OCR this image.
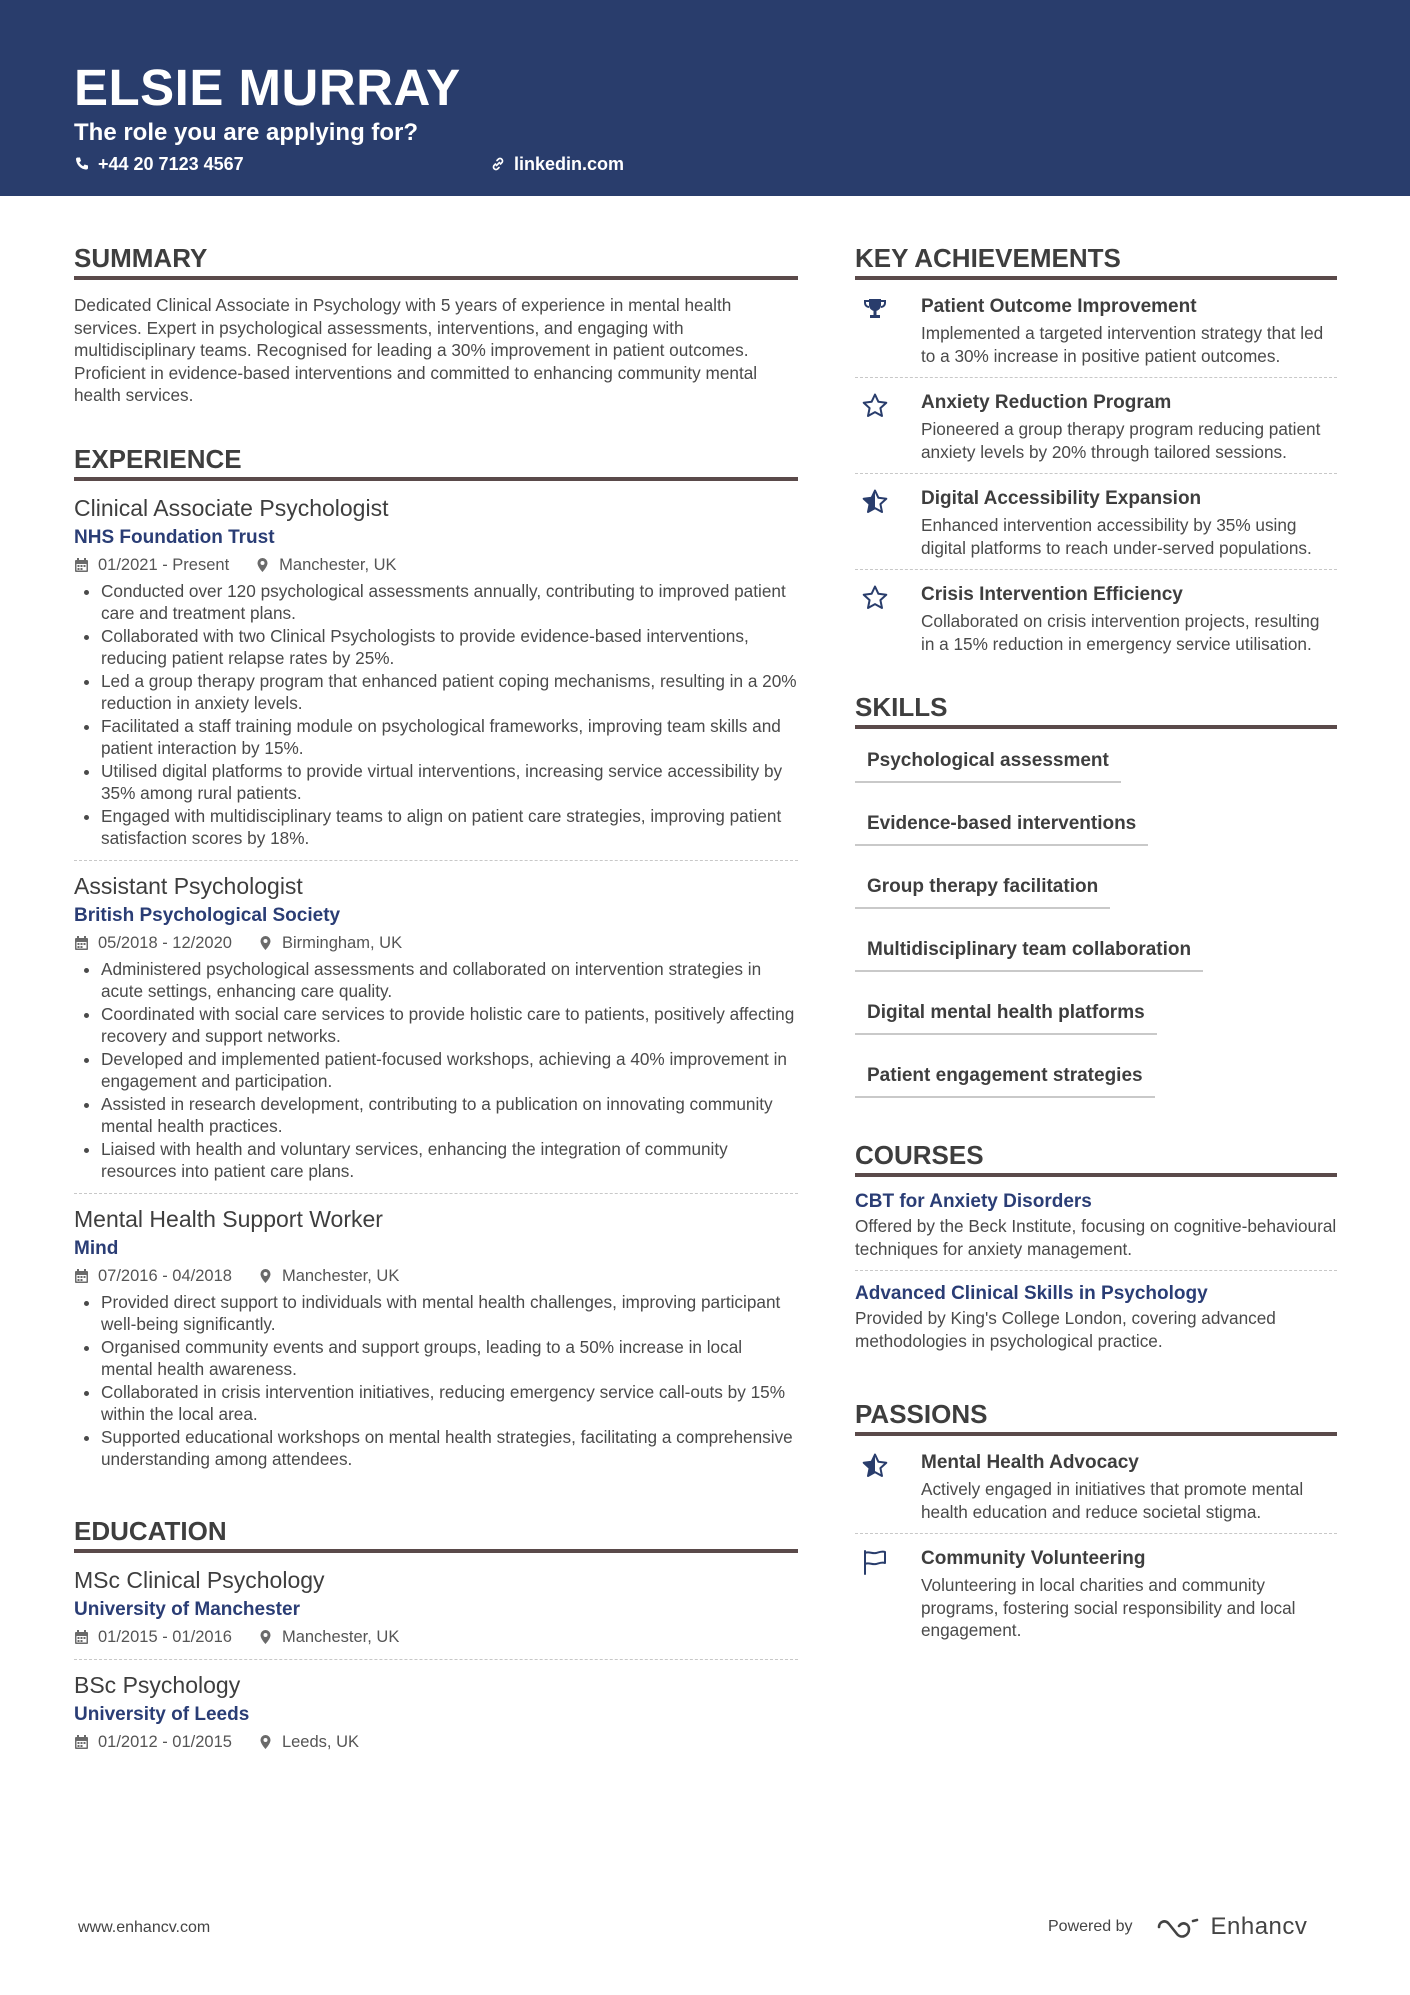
ELSIE MURRAY
The role you are applying for?
+44 20 7123 4567	linkedin.com
SUMMARY

Dedicated Clinical Associate in Psychology with 5 years of experience in mental health services. Expert in psychological assessments, interventions, and engaging with multidisciplinary teams. Recognised for leading a 30% improvement in patient outcomes. Proficient in evidence-based interventions and committed to enhancing community mental health services.

EXPERIENCE
Clinical Associate Psychologist
NHS Foundation Trust
01/2021 - Present	Manchester, UK
• Conducted over 120 psychological assessments annually, contributing to improved patient care and treatment plans.
• Collaborated with two Clinical Psychologists to provide evidence-based interventions, reducing patient relapse rates by 25%.
• Led a group therapy program that enhanced patient coping mechanisms, resulting in a 20% reduction in anxiety levels.
• Facilitated a staff training module on psychological frameworks, improving team skills and patient interaction by 15%.
• Utilised digital platforms to provide virtual interventions, increasing service accessibility by 35% among rural patients.
• Engaged with multidisciplinary teams to align on patient care strategies, improving patient satisfaction scores by 18%.
Assistant Psychologist
British Psychological Society
05/2018 - 12/2020	Birmingham, UK
• Administered psychological assessments and collaborated on intervention strategies in acute settings, enhancing care quality.
• Coordinated with social care services to provide holistic care to patients, positively affecting recovery and support networks.
• Developed and implemented patient-focused workshops, achieving a 40% improvement in engagement and participation.
• Assisted in research development, contributing to a publication on innovating community mental health practices.
• Liaised with health and voluntary services, enhancing the integration of community resources into patient care plans.
Mental Health Support Worker
Mind
07/2016 - 04/2018	Manchester, UK
• Provided direct support to individuals with mental health challenges, improving participant well-being significantly.
• Organised community events and support groups, leading to a 50% increase in local mental health awareness.
• Collaborated in crisis intervention initiatives, reducing emergency service call-outs by 15% within the local area.
• Supported educational workshops on mental health strategies, facilitating a comprehensive understanding among attendees.
EDUCATION
MSc Clinical Psychology
University of Manchester
01/2015 - 01/2016	Manchester, UK
BSc Psychology
University of Leeds
01/2012 - 01/2015	Leeds, UK
KEY ACHIEVEMENTS
Patient Outcome Improvement
Implemented a targeted intervention strategy that led to a 30% increase in positive patient outcomes.
Anxiety Reduction Program
Pioneered a group therapy program reducing patient anxiety levels by 20% through tailored sessions.
Digital Accessibility Expansion
Enhanced intervention accessibility by 35% using digital platforms to reach under-served populations.
Crisis Intervention Efficiency
Collaborated on crisis intervention projects, resulting in a 15% reduction in emergency service utilisation.
SKILLS
Psychological assessment
Evidence-based interventions
Group therapy facilitation
Multidisciplinary team collaboration
Digital mental health platforms
Patient engagement strategies
COURSES
CBT for Anxiety Disorders
Offered by the Beck Institute, focusing on cognitive-behavioural techniques for anxiety management.
Advanced Clinical Skills in Psychology
Provided by King's College London, covering advanced methodologies in psychological practice.
PASSIONS
Mental Health Advocacy
Actively engaged in initiatives that promote mental health education and reduce societal stigma.
Community Volunteering
Volunteering in local charities and community programs, fostering social responsibility and local engagement.
www.enhancv.com	Powered by	Enhancv
